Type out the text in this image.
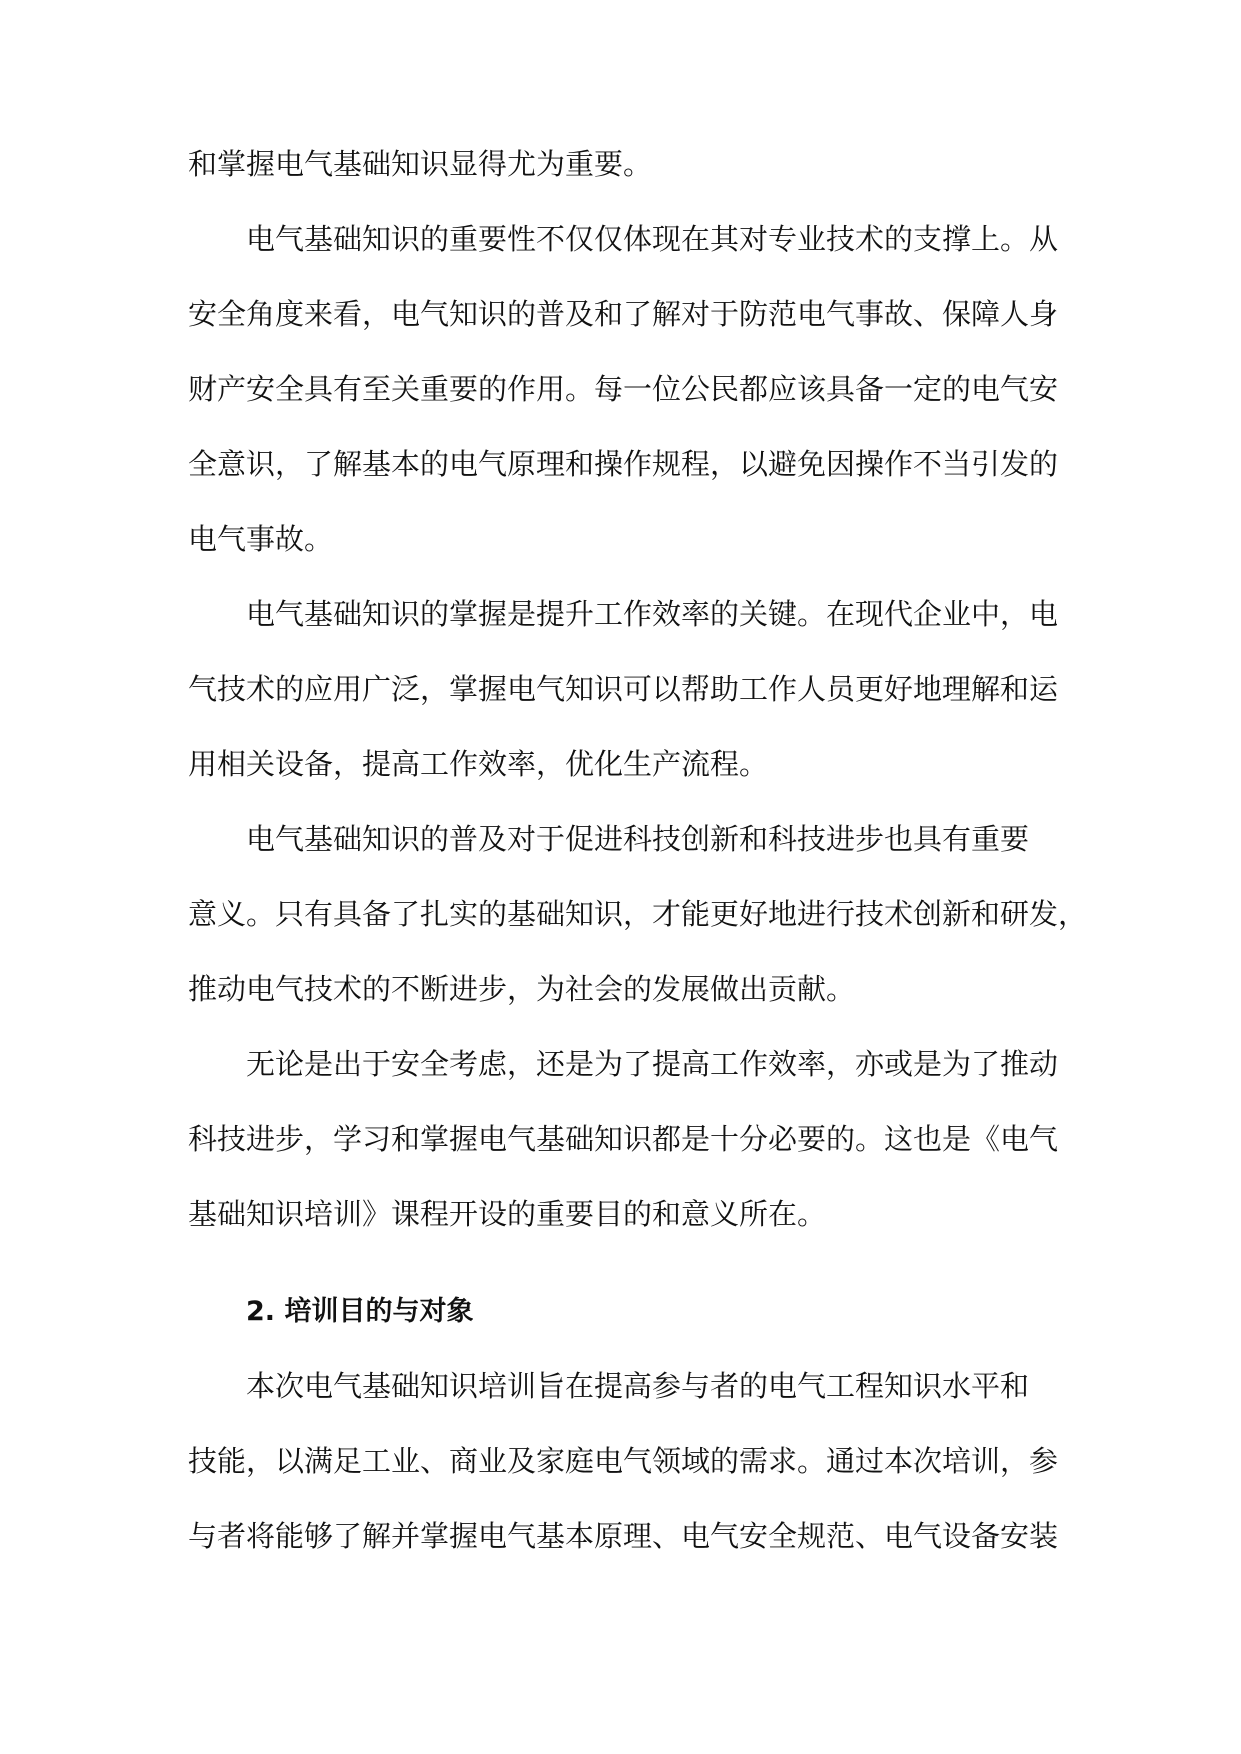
和掌握电气基础知识显得尤为重要。
电气基础知识的重要性不仅仅体现在其对专业技术的支撑上。从
安全角度来看，电气知识的普及和了解对于防范电气事故、保障人身
财产安全具有至关重要的作用。每一位公民都应该具备一定的电气安
全意识，了解基本的电气原理和操作规程，以避免因操作不当引发的
电气事故。
电气基础知识的掌握是提升工作效率的关键。在现代企业中，电
气技术的应用广泛，掌握电气知识可以帮助工作人员更好地理解和运
用相关设备，提高工作效率，优化生产流程。
电气基础知识的普及对于促进科技创新和科技进步也具有重要
意义。只有具备了扎实的基础知识，才能更好地进行技术创新和研发，
推动电气技术的不断进步，为社会的发展做出贡献。
无论是出于安全考虑，还是为了提高工作效率，亦或是为了推动
科技进步，学习和掌握电气基础知识都是十分必要的。这也是《电气
基础知识培训》课程开设的重要目的和意义所在。
2. 培训目的与对象
本次电气基础知识培训旨在提高参与者的电气工程知识水平和
技能，以满足工业、商业及家庭电气领域的需求。通过本次培训，参
与者将能够了解并掌握电气基本原理、电气安全规范、电气设备安装
